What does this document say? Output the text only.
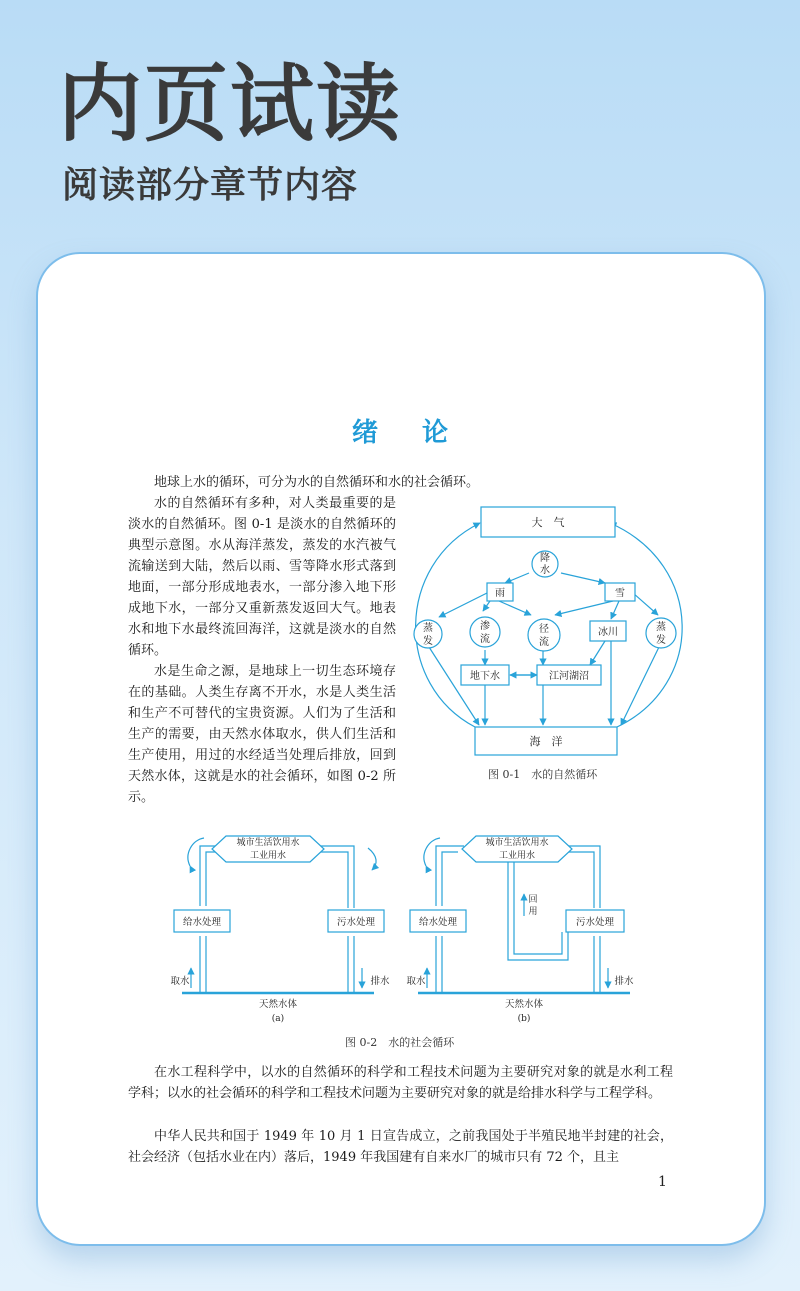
内页试读
阅读部分章节内容
绪论

地球上水的循环，可分为水的自然循环和水的社会循环。

水的自然循环有多种，对人类最重要的是淡水的自然循环。图 0-1 是淡水的自然循环的典型示意图。水从海洋蒸发，蒸发的水汽被气流输送到大陆，然后以雨、雪等降水形式落到地面，一部分形成地表水，一部分渗入地下形成地下水，一部分又重新蒸发返回大气。地表水和地下水最终流回海洋，这就是淡水的自然循环。

水是生命之源，是地球上一切生态环境存在的基础。人类生存离不开水，水是人类生活和生产不可替代的宝贵资源。人们为了生活和生产的需要，由天然水体取水，供人们生活和生产使用，用过的水经适当处理后排放，回到天然水体，这就是水的社会循环，如图 0-2 所示。

大　气
降
水
雨	雪
蒸
发
渗
流
径
流
冰川	蒸
发
地下水	江河湖沼
海　洋

图 0-1　水的自然循环

城市生活饮用水
工业用水
给水处理	污水处理
取水	排水
天然水体
(a)
城市生活饮用水
工业用水
回
用
给水处理	污水处理
取水	排水
天然水体
(b)

图 0-2　水的社会循环

在水工程科学中，以水的自然循环的科学和工程技术问题为主要研究对象的就是水利工程学科；以水的社会循环的科学和工程技术问题为主要研究对象的就是给排水科学与工程学科。

中华人民共和国于 1949 年 10 月 1 日宣告成立，之前我国处于半殖民地半封建的社会，社会经济（包括水业在内）落后，1949 年我国建有自来水厂的城市只有 72 个，且主

1
